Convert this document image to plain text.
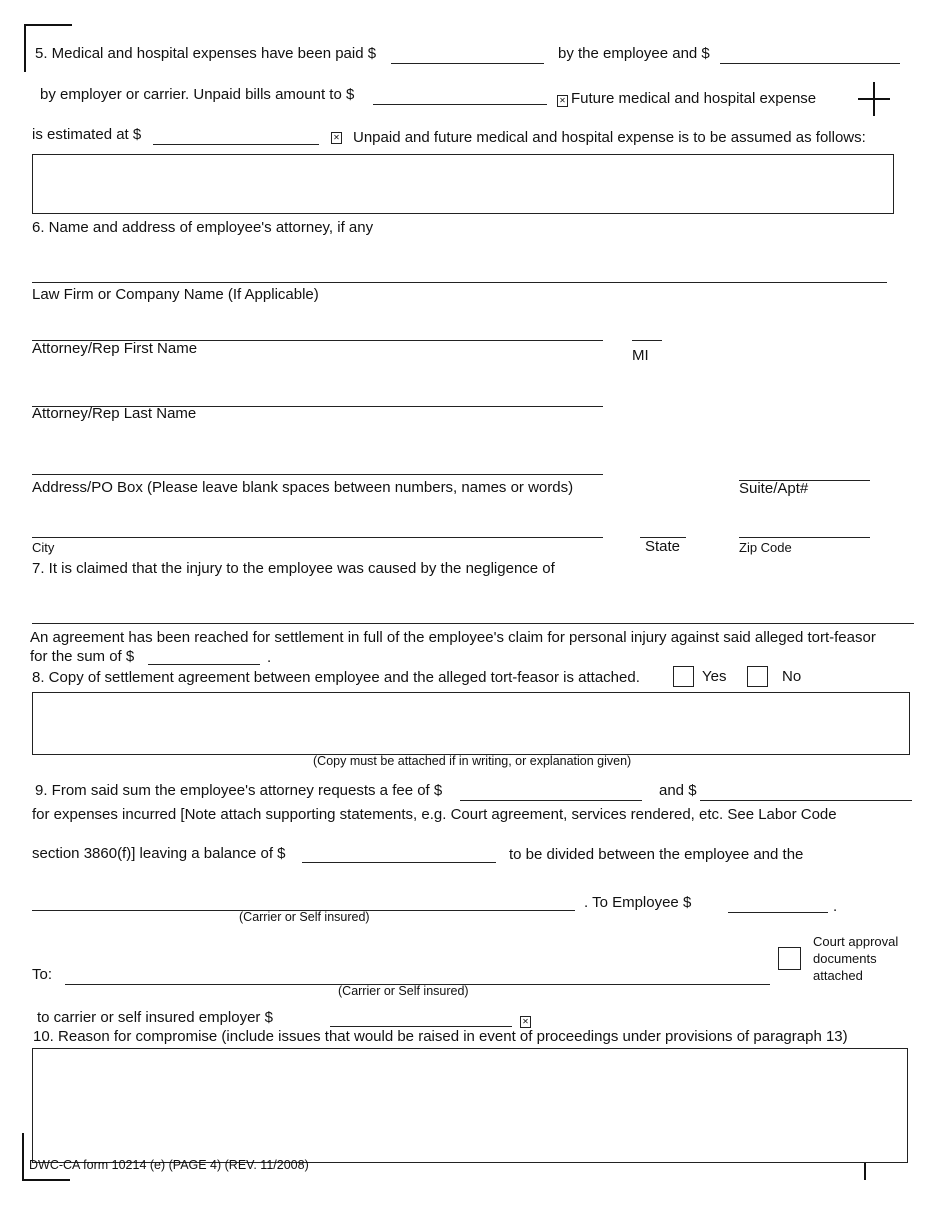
5. Medical and hospital expenses have been paid $	by the employee and $
by employer or carrier. Unpaid bills amount to $	✕ Future medical and hospital expense
is estimated at $	✕ Unpaid and future medical and hospital expense is to be assumed as follows:
6. Name and address of employee's attorney, if any
Law Firm or Company Name (If Applicable)
Attorney/Rep First Name	MI
Attorney/Rep Last Name
Address/PO Box (Please leave blank spaces between numbers, names or words)	Suite/Apt#
City	State	Zip Code
7. It is claimed that the injury to the employee was caused by the negligence of
An agreement has been reached for settlement in full of the employee's claim for personal injury against said alleged tort-feasor
for the sum of $	.
8. Copy of settlement agreement between employee and the alleged tort-feasor is attached.	Yes	No
(Copy must be attached if in writing, or explanation given)
9. From said sum the employee's attorney requests a fee of $	and $
for expenses incurred [Note attach supporting statements, e.g. Court agreement, services rendered, etc. See Labor Code
section 3860(f)] leaving a balance of $	to be divided between the employee and the
. To Employee $	.
(Carrier or Self insured)
Court approval
documents
attached
To:
(Carrier or Self insured)
to carrier or self insured employer $	✕
10. Reason for compromise (include issues that would be raised in event of proceedings under provisions of paragraph 13)
DWC-CA form 10214 (e) (PAGE 4) (REV. 11/2008)
